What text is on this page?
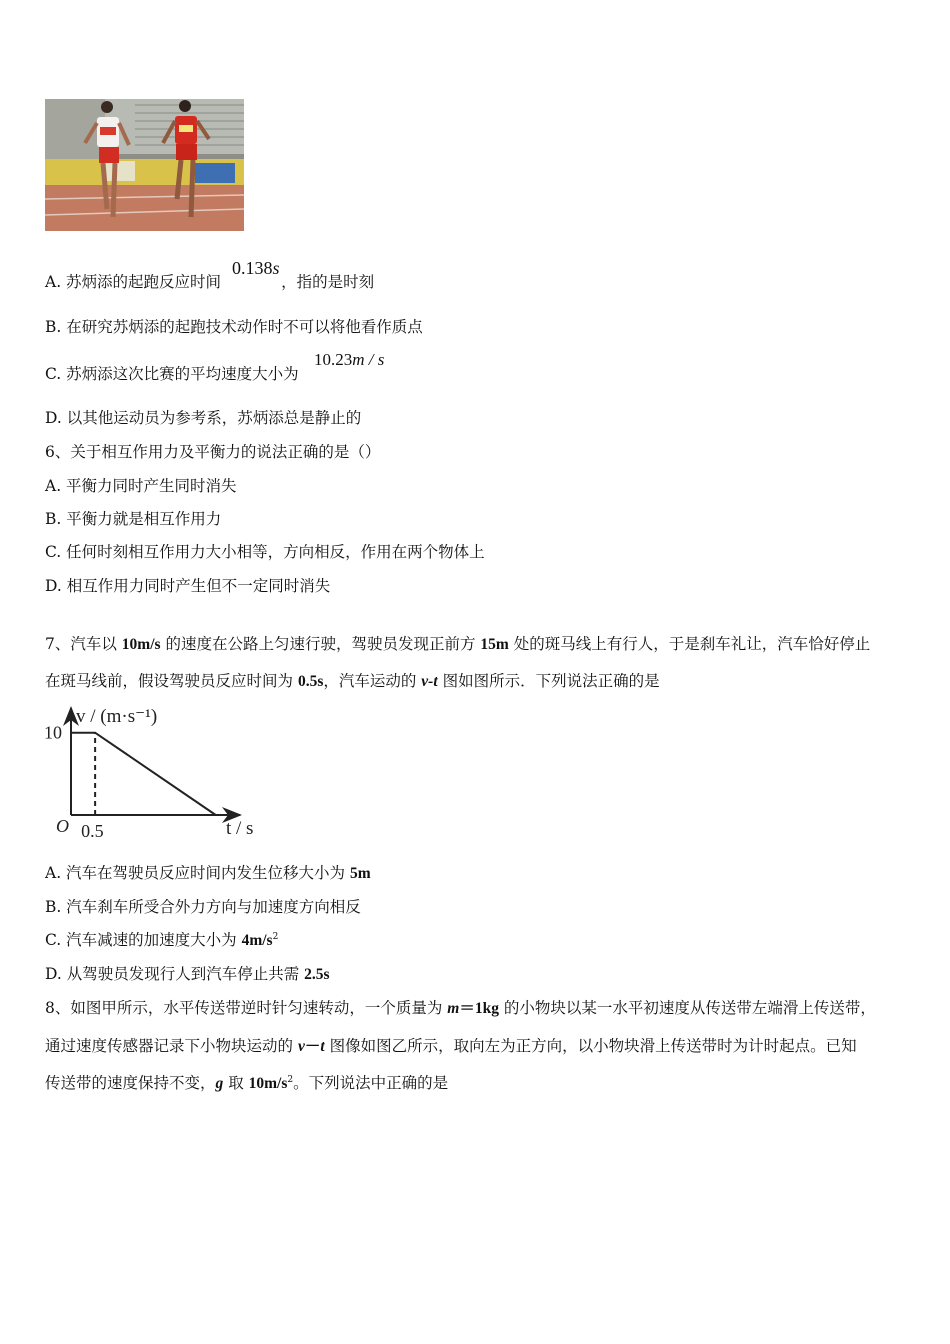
A. 苏炳添的起跑反应时间	，指的是时刻
0.138s
B. 在研究苏炳添的起跑技术动作时不可以将他看作质点
C. 苏炳添这次比赛的平均速度大小为
10.23m / s
D. 以其他运动员为参考系，苏炳添总是静止的
6、关于相互作用力及平衡力的说法正确的是（）
A. 平衡力同时产生同时消失
B. 平衡力就是相互作用力
C. 任何时刻相互作用力大小相等，方向相反，作用在两个物体上
D. 相互作用力同时产生但不一定同时消失
7、汽车以 10m/s 的速度在公路上匀速行驶，驾驶员发现正前方 15m 处的斑马线上有行人，于是刹车礼让，汽车恰好停止
在斑马线前，假设驾驶员反应时间为 0.5s，汽车运动的 v-t 图如图所示．下列说法正确的是
10
0.5
v / (m·s⁻¹)
t / s
O
A. 汽车在驾驶员反应时间内发生位移大小为 5m
B. 汽车刹车所受合外力方向与加速度方向相反
C. 汽车减速的加速度大小为 $4m/s^2$
D. 从驾驶员发现行人到汽车停止共需 2.5s
8、如图甲所示，水平传送带逆时针匀速转动，一个质量为 m＝1kg 的小物块以某一水平初速度从传送带左端滑上传送带，
通过速度传感器记录下小物块运动的 v－t 图像如图乙所示，取向左为正方向，以小物块滑上传送带时为计时起点。已知
传送带的速度保持不变，g 取 $10m/s^2$。下列说法中正确的是
